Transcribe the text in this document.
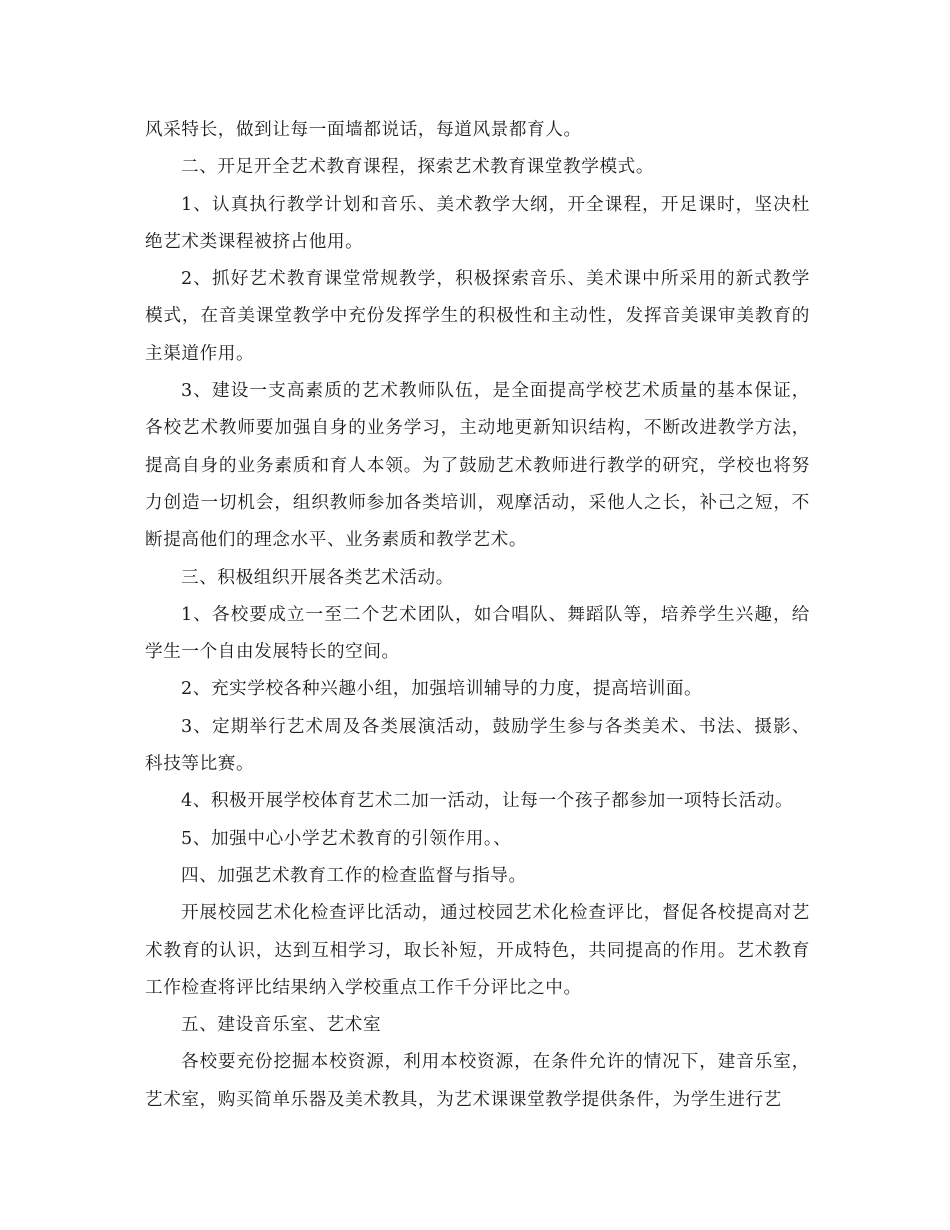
风采特长，做到让每一面墙都说话，每道风景都育人。

二、开足开全艺术教育课程，探索艺术教育课堂教学模式。

1、认真执行教学计划和音乐、美术教学大纲，开全课程，开足课时，坚决杜绝艺术类课程被挤占他用。

2、抓好艺术教育课堂常规教学，积极探索音乐、美术课中所采用的新式教学模式，在音美课堂教学中充份发挥学生的积极性和主动性，发挥音美课审美教育的主渠道作用。

3、建设一支高素质的艺术教师队伍，是全面提高学校艺术质量的基本保证，各校艺术教师要加强自身的业务学习，主动地更新知识结构，不断改进教学方法，提高自身的业务素质和育人本领。为了鼓励艺术教师进行教学的研究，学校也将努力创造一切机会，组织教师参加各类培训，观摩活动，采他人之长，补己之短，不断提高他们的理念水平、业务素质和教学艺术。

三、积极组织开展各类艺术活动。

1、各校要成立一至二个艺术团队，如合唱队、舞蹈队等，培养学生兴趣，给学生一个自由发展特长的空间。

2、充实学校各种兴趣小组，加强培训辅导的力度，提高培训面。

3、定期举行艺术周及各类展演活动，鼓励学生参与各类美术、书法、摄影、科技等比赛。

4、积极开展学校体育艺术二加一活动，让每一个孩子都参加一项特长活动。

5、加强中心小学艺术教育的引领作用。、

四、加强艺术教育工作的检查监督与指导。

开展校园艺术化检查评比活动，通过校园艺术化检查评比，督促各校提高对艺术教育的认识，达到互相学习，取长补短，开成特色，共同提高的作用。艺术教育工作检查将评比结果纳入学校重点工作千分评比之中。

五、建设音乐室、艺术室

各校要充份挖掘本校资源，利用本校资源，在条件允许的情况下，建音乐室，艺术室，购买简单乐器及美术教具，为艺术课课堂教学提供条件，为学生进行艺
